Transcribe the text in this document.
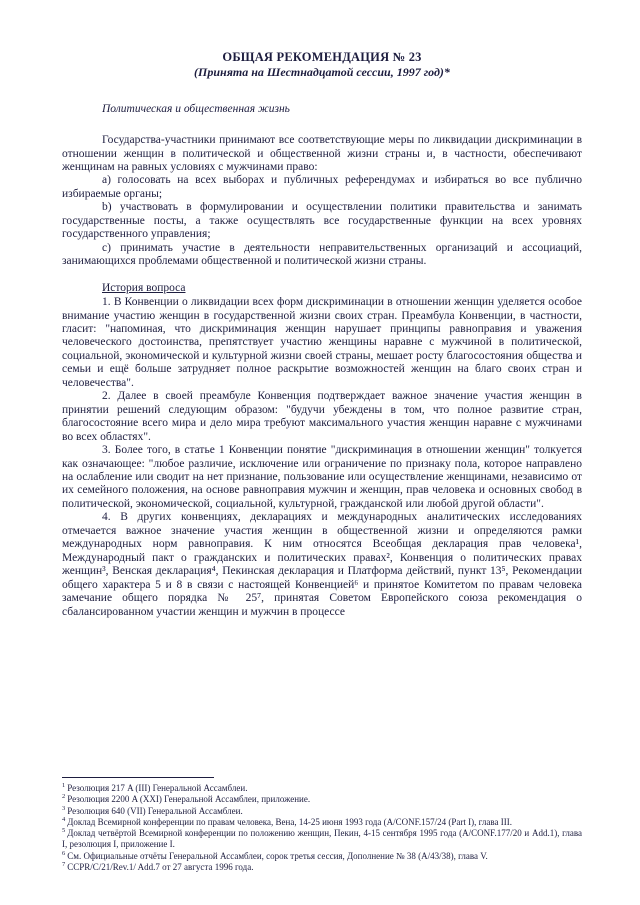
ОБЩАЯ РЕКОМЕНДАЦИЯ № 23
(Принята на Шестнадцатой сессии, 1997 год)*
Политическая и общественная жизнь

Государства-участники принимают все соответствующие меры по ликвидации дискриминации в отношении женщин в политической и общественной жизни страны и, в частности, обеспечивают женщинам на равных условиях с мужчинами право:

a) голосовать на всех выборах и публичных референдумах и избираться во все публично избираемые органы;

b) участвовать в формулировании и осуществлении политики правительства и занимать государственные посты, а также осуществлять все государственные функции на всех уровнях государственного управления;

c) принимать участие в деятельности неправительственных организаций и ассоциаций, занимающихся проблемами общественной и политической жизни страны.

История вопроса

1. В Конвенции о ликвидации всех форм дискриминации в отношении женщин уделяется особое внимание участию женщин в государственной жизни своих стран. Преамбула Конвенции, в частности, гласит: "напоминая, что дискриминация женщин нарушает принципы равноправия и уважения человеческого достоинства, препятствует участию женщины наравне с мужчиной в политической, социальной, экономической и культурной жизни своей страны, мешает росту благосостояния общества и семьи и ещё больше затрудняет полное раскрытие возможностей женщин на благо своих стран и человечества".

2. Далее в своей преамбуле Конвенция подтверждает важное значение участия женщин в принятии решений следующим образом: "будучи убеждены в том, что полное развитие стран, благосостояние всего мира и дело мира требуют максимального участия женщин наравне с мужчинами во всех областях".

3. Более того, в статье 1 Конвенции понятие "дискриминация в отношении женщин" толкуется как означающее: "любое различие, исключение или ограничение по признаку пола, которое направлено на ослабление или сводит на нет признание, пользование или осуществление женщинами, независимо от их семейного положения, на основе равноправия мужчин и женщин, прав человека и основных свобод в политической, экономической, социальной, культурной, гражданской или любой другой области".

4. В других конвенциях, декларациях и международных аналитических исследованиях отмечается важное значение участия женщин в общественной жизни и определяются рамки международных норм равноправия. К ним относятся Всеобщая декларация прав человека¹, Международный пакт о гражданских и политических правах², Конвенция о политических правах женщин³, Венская декларация⁴, Пекинская декларация и Платформа действий, пункт 13⁵, Рекомендации общего характера 5 и 8 в связи с настоящей Конвенцией⁶ и принятое Комитетом по правам человека замечание общего порядка № 25⁷, принятая Советом Европейского союза рекомендация о сбалансированном участии женщин и мужчин в процессе

$^1$ Резолюция 217 A (III) Генеральной Ассамблеи.

$^2$ Резолюция 2200 A (XXI) Генеральной Ассамблеи, приложение.

$^3$ Резолюция 640 (VII) Генеральной Ассамблеи.

$^4$ Доклад Всемирной конференции по правам человека, Вена, 14-25 июня 1993 года (A/CONF.157/24 (Part I), глава III.

$^5$ Доклад четвёртой Всемирной конференции по положению женщин, Пекин, 4-15 сентября 1995 года (A/CONF.177/20 и Add.1), глава I, резолюция I, приложение I.

$^6$ См. Официальные отчёты Генеральной Ассамблеи, сорок третья сессия, Дополнение № 38 (A/43/38), глава V.

$^7$ CCPR/C/21/Rev.1/ Add.7 от 27 августа 1996 года.
